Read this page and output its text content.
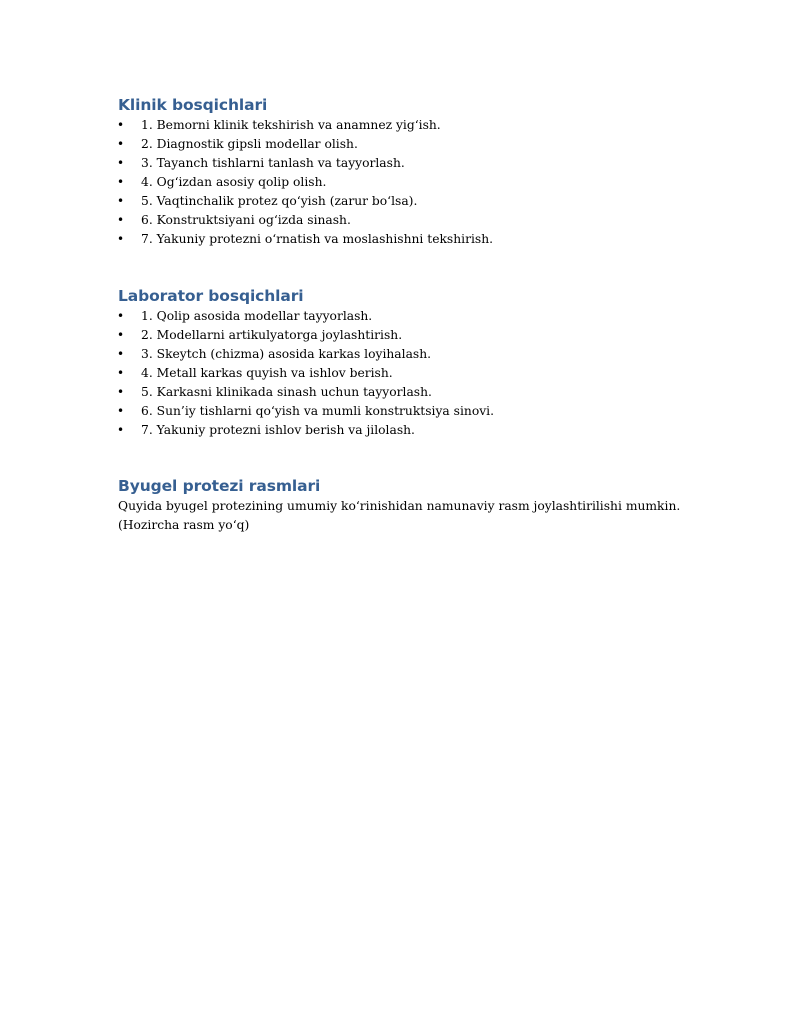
Klinik bosqichlari
• 1. Bemorni klinik tekshirish va anamnez yig‘ish.
• 2. Diagnostik gipsli modellar olish.
• 3. Tayanch tishlarni tanlash va tayyorlash.
• 4. Og‘izdan asosiy qolip olish.
• 5. Vaqtinchalik protez qo‘yish (zarur bo‘lsa).
• 6. Konstruktsiyani og‘izda sinash.
• 7. Yakuniy protezni o‘rnatish va moslashishni tekshirish.
Laborator bosqichlari
• 1. Qolip asosida modellar tayyorlash.
• 2. Modellarni artikulyatorga joylashtirish.
• 3. Skeytch (chizma) asosida karkas loyihalash.
• 4. Metall karkas quyish va ishlov berish.
• 5. Karkasni klinikada sinash uchun tayyorlash.
• 6. Sun’iy tishlarni qo‘yish va mumli konstruktsiya sinovi.
• 7. Yakuniy protezni ishlov berish va jilolash.
Byugel protezi rasmlari

Quyida byugel protezining umumiy ko‘rinishidan namunaviy rasm joylashtirilishi mumkin.

(Hozircha rasm yo‘q)
